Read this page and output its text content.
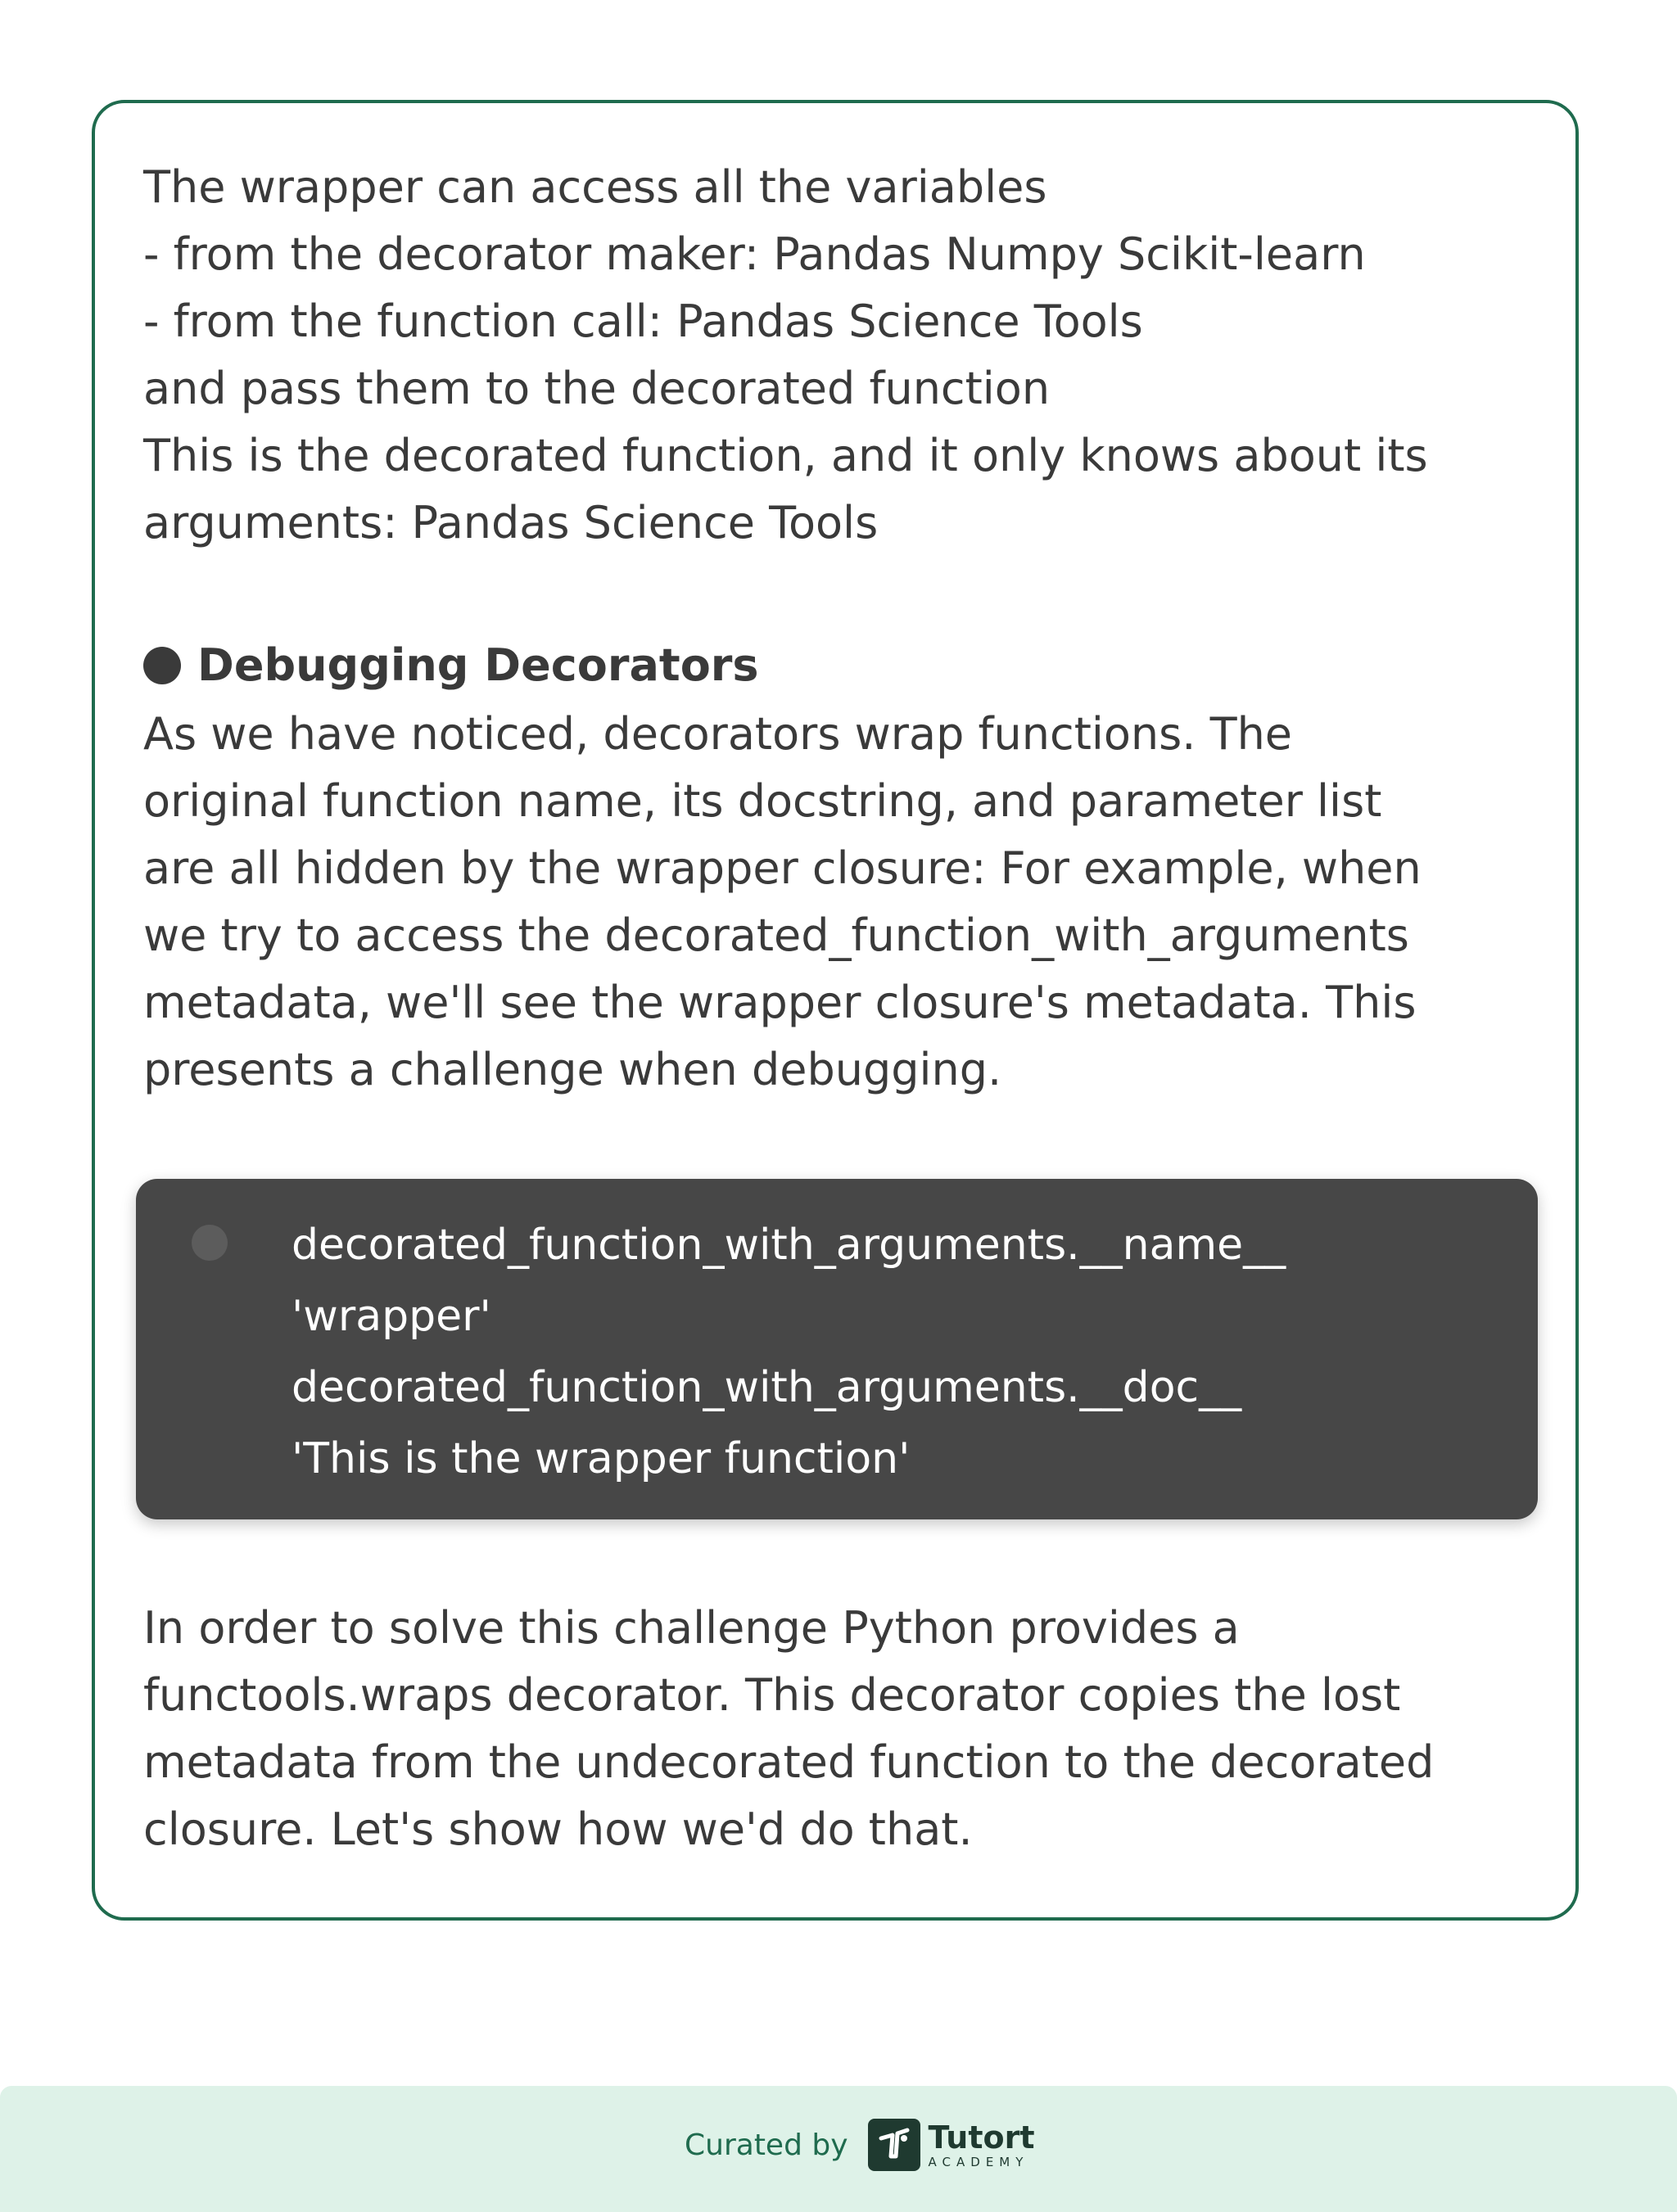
The wrapper can access all the variables

- from the decorator maker: Pandas Numpy Scikit-learn

- from the function call: Pandas Science Tools

and pass them to the decorated function

This is the decorated function, and it only knows about its

arguments: Pandas Science Tools

Debugging Decorators

As we have noticed, decorators wrap functions. The

original function name, its docstring, and parameter list

are all hidden by the wrapper closure: For example, when

we try to access the decorated_function_with_arguments

metadata, we'll see the wrapper closure's metadata. This

presents a challenge when debugging.

decorated_function_with_arguments.__name__

'wrapper'

decorated_function_with_arguments.__doc__

'This is the wrapper function'

In order to solve this challenge Python provides a

functools.wraps decorator. This decorator copies the lost

metadata from the undecorated function to the decorated

closure. Let's show how we'd do that.

Curated by	Tutort
ACADEMY
